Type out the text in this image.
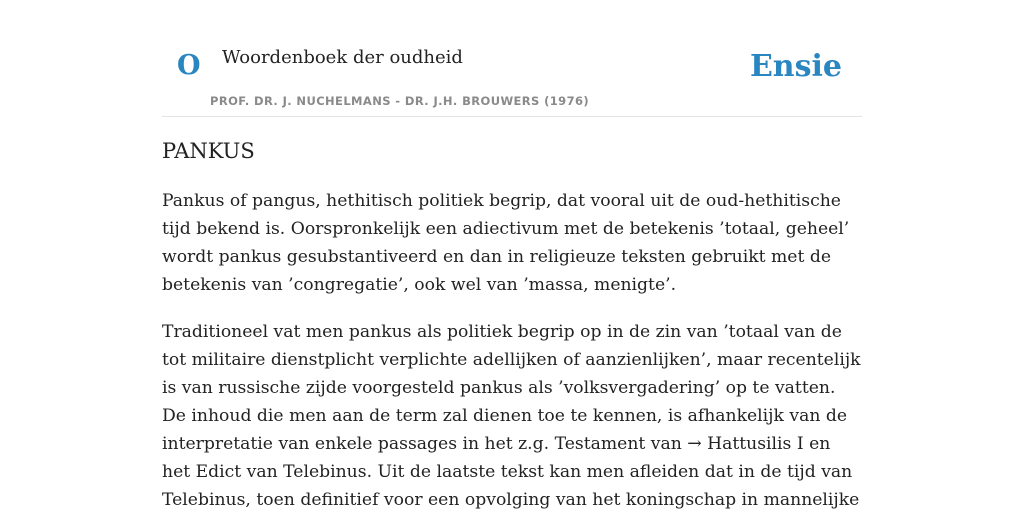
O Woordenboek der oudheid
PROF. DR. J. NUCHELMANS - DR. J.H. BROUWERS (1976)
Ensie
PANKUS

Pankus of pangus, hethitisch politiek begrip, dat vooral uit de oud-hethitische tijd bekend is. Oorspronkelijk een adiectivum met de betekenis ’totaal, geheel’ wordt pankus gesubstantiveerd en dan in religieuze teksten gebruikt met de betekenis van ’congregatie’, ook wel van ’massa, menigte’.

Traditioneel vat men pankus als politiek begrip op in de zin van ’totaal van de tot militaire dienstplicht verplichte adellijken of aanzienlijken’, maar recentelijk is van russische zijde voorgesteld pankus als ’volksvergadering’ op te vatten. De inhoud die men aan de term zal dienen toe te kennen, is afhankelijk van de interpretatie van enkele passages in het z.g. Testament van → Hattusilis I en het Edict van Telebinus. Uit de laatste tekst kan men afleiden dat in de tijd van Telebinus, toen definitief voor een opvolging van het koningschap in mannelijke
